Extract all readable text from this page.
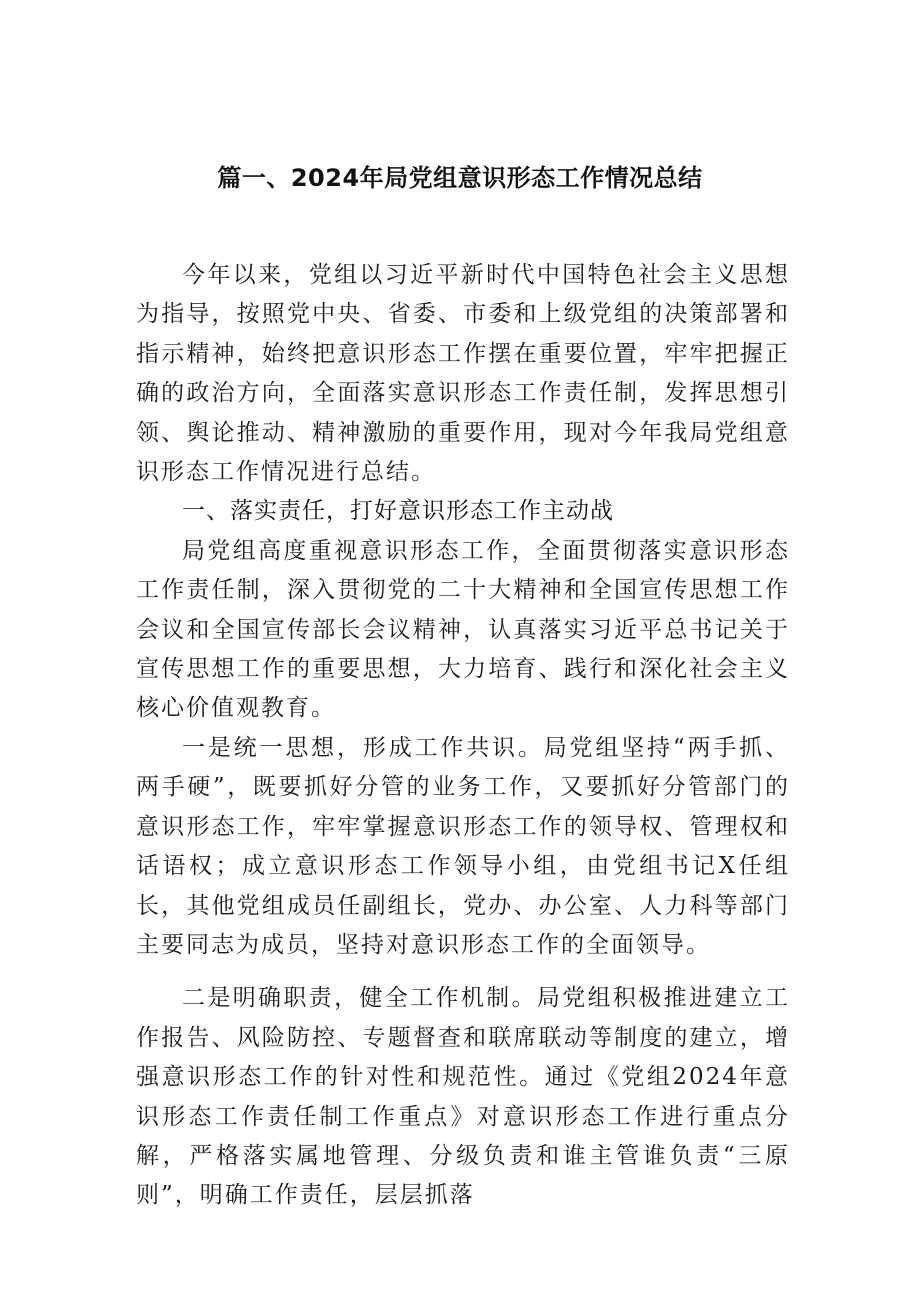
篇一、2024年局党组意识形态工作情况总结

今年以来，党组以习近平新时代中国特色社会主义思想为指导，按照党中央、省委、市委和上级党组的决策部署和指示精神，始终把意识形态工作摆在重要位置，牢牢把握正确的政治方向，全面落实意识形态工作责任制，发挥思想引领、舆论推动、精神激励的重要作用，现对今年我局党组意识形态工作情况进行总结。

一、落实责任，打好意识形态工作主动战

局党组高度重视意识形态工作，全面贯彻落实意识形态工作责任制，深入贯彻党的二十大精神和全国宣传思想工作会议和全国宣传部长会议精神，认真落实习近平总书记关于宣传思想工作的重要思想，大力培育、践行和深化社会主义核心价值观教育。

一是统一思想，形成工作共识。局党组坚持“两手抓、两手硬”，既要抓好分管的业务工作，又要抓好分管部门的意识形态工作，牢牢掌握意识形态工作的领导权、管理权和话语权；成立意识形态工作领导小组，由党组书记X任组长，其他党组成员任副组长，党办、办公室、人力科等部门主要同志为成员，坚持对意识形态工作的全面领导。

二是明确职责，健全工作机制。局党组积极推进建立工作报告、风险防控、专题督查和联席联动等制度的建立，增强意识形态工作的针对性和规范性。通过《党组2024年意识形态工作责任制工作重点》对意识形态工作进行重点分解，严格落实属地管理、分级负责和谁主管谁负责“三原则”，明确工作责任，层层抓落
